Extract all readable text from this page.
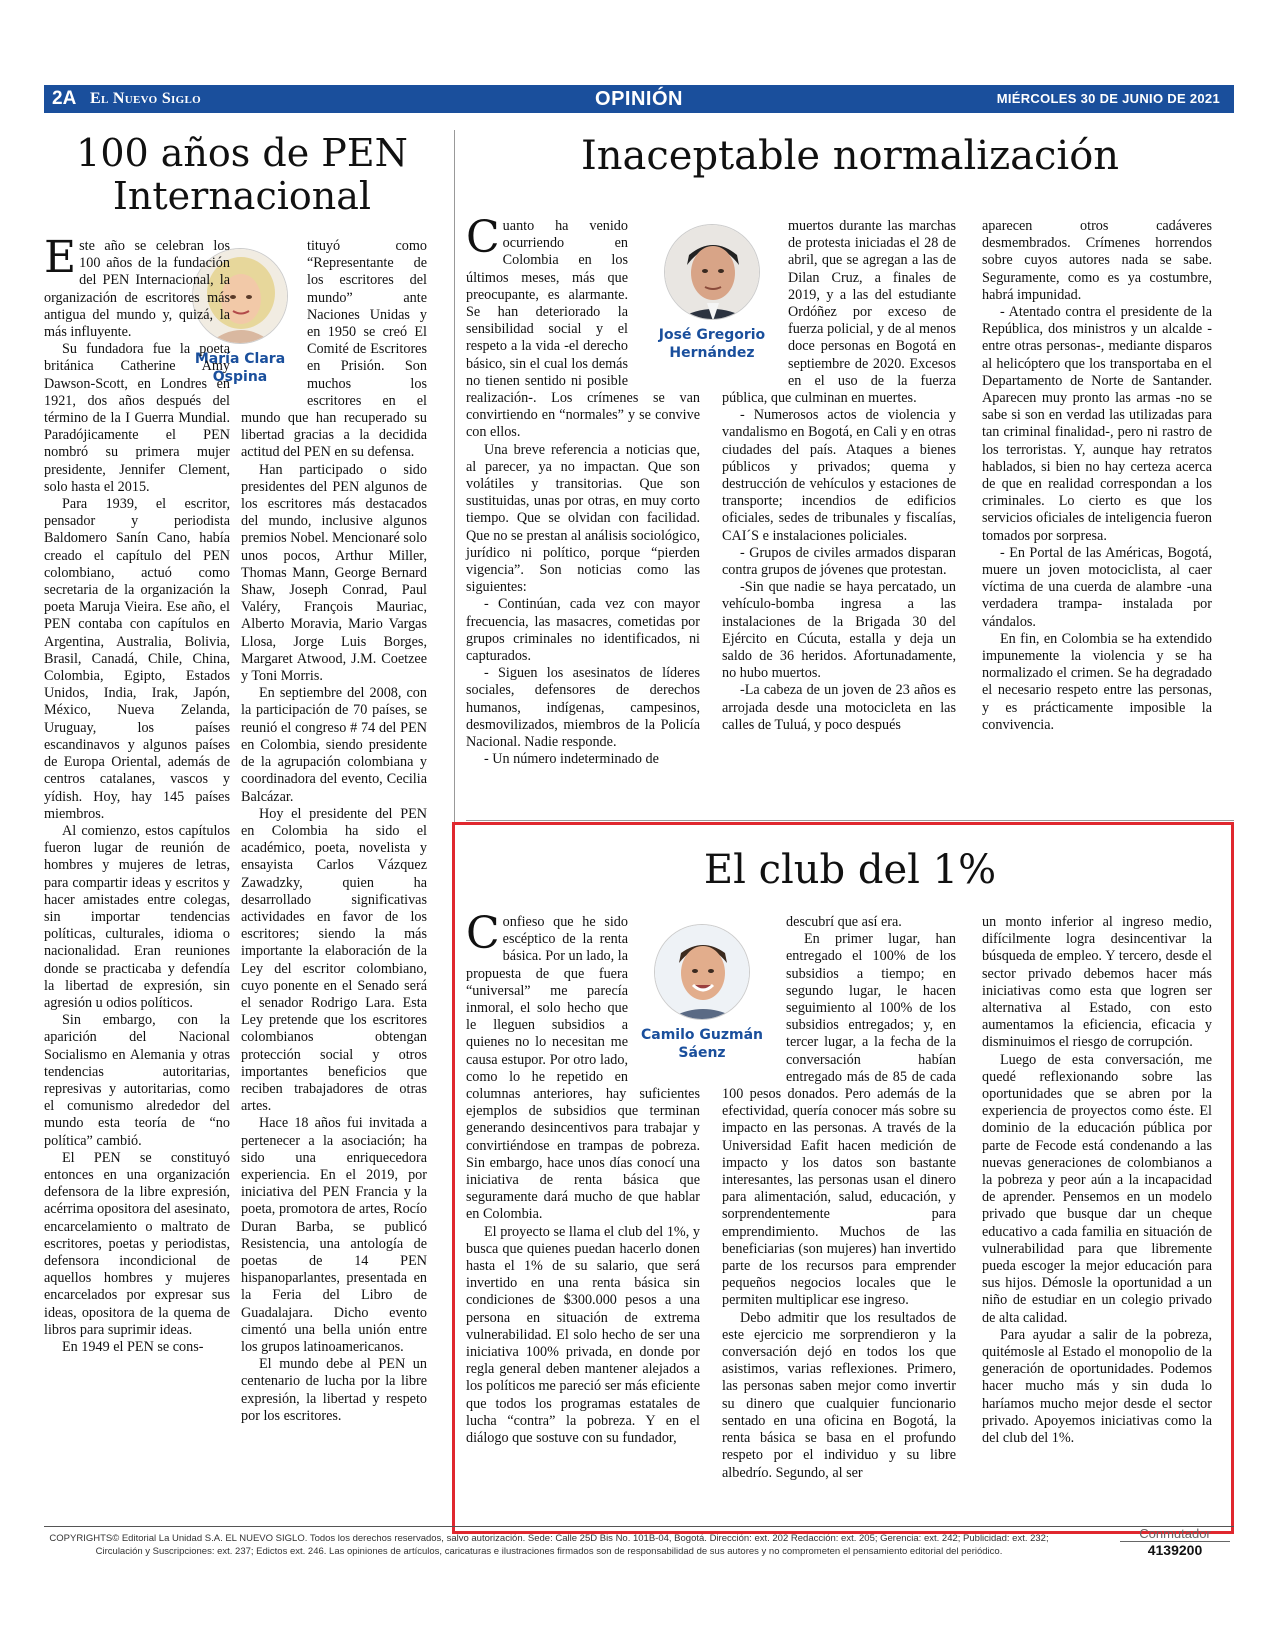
2A El Nuevo Siglo	OPINIÓN	MIÉRCOLES 30 DE JUNIO DE 2021
100 años de PEN Internacional
María Clara Ospina

Este año se celebran los 100 años de la fundación del PEN Internacional, la organización de escritores más antigua del mundo y, quizá, la más influyente.

Su fundadora fue la poeta británica Catherine Amy Dawson-Scott, en Londres en 1921, dos años después del término de la I Guerra Mundial. Paradójicamente el PEN nombró su primera mujer presidente, Jennifer Clement, solo hasta el 2015.

Para 1939, el escritor, pensador y periodista Baldomero Sanín Cano, había creado el capítulo del PEN colombiano, actuó como secretaria de la organización la poeta Maruja Vieira. Ese año, el PEN contaba con capítulos en Argentina, Australia, Bolivia, Brasil, Canadá, Chile, China, Colombia, Egipto, Estados Unidos, India, Irak, Japón, México, Nueva Zelanda, Uruguay, los países escandinavos y algunos países de Europa Oriental, además de centros catalanes, vascos y yídish. Hoy, hay 145 países miembros.

Al comienzo, estos capítulos fueron lugar de reunión de hombres y mujeres de letras, para compartir ideas y escritos y hacer amistades entre colegas, sin importar tendencias políticas, culturales, idioma o nacionalidad. Eran reuniones donde se practicaba y defendía la libertad de expresión, sin agresión u odios políticos.

Sin embargo, con la aparición del Nacional Socialismo en Alemania y otras tendencias autoritarias, represivas y autoritarias, como el comunismo alrededor del mundo esta teoría de “no política” cambió.

El PEN se constituyó entonces en una organización defensora de la libre expresión, acérrima opositora del asesinato, encarcelamiento o maltrato de escritores, poetas y periodistas, defensora incondicional de aquellos hombres y mujeres encarcelados por expresar sus ideas, opositora de la quema de libros para suprimir ideas.

En 1949 el PEN se cons-

tituyó como “Representante de los escritores del mundo” ante Naciones Unidas y en 1950 se creó El Comité de Escritores en Prisión. Son muchos los escritores en el mundo que han recuperado su libertad gracias a la decidida actitud del PEN en su defensa.

Han participado o sido presidentes del PEN algunos de los escritores más destacados del mundo, inclusive algunos premios Nobel. Mencionaré solo unos pocos, Arthur Miller, Thomas Mann, George Bernard Shaw, Joseph Conrad, Paul Valéry, François Mauriac, Alberto Moravia, Mario Vargas Llosa, Jorge Luis Borges, Margaret Atwood, J.M. Coetzee y Toni Morris.

En septiembre del 2008, con la participación de 70 países, se reunió el congreso # 74 del PEN en Colombia, siendo presidente de la agrupación colombiana y coordinadora del evento, Cecilia Balcázar.

Hoy el presidente del PEN en Colombia ha sido el académico, poeta, novelista y ensayista Carlos Vázquez Zawadzky, quien ha desarrollado significativas actividades en favor de los escritores; siendo la más importante la elaboración de la Ley del escritor colombiano, cuyo ponente en el Senado será el senador Rodrigo Lara. Esta Ley pretende que los escritores colombianos obtengan protección social y otros importantes beneficios que reciben trabajadores de otras artes.

Hace 18 años fui invitada a pertenecer a la asociación; ha sido una enriquecedora experiencia. En el 2019, por iniciativa del PEN Francia y la poeta, promotora de artes, Rocío Duran Barba, se publicó Resistencia, una antología de poetas de 14 PEN hispanoparlantes, presentada en la Feria del Libro de Guadalajara. Dicho evento cimentó una bella unión entre los grupos latinoamericanos.

El mundo debe al PEN un centenario de lucha por la libre expresión, la libertad y respeto por los escritores.

Inaceptable normalización
José Gregorio Hernández

Cuanto ha venido ocurriendo en Colombia en los últimos meses, más que preocupante, es alarmante. Se han deteriorado la sensibilidad social y el respeto a la vida -el derecho básico, sin el cual los demás no tienen sentido ni posible realización-. Los crímenes se van convirtiendo en “normales” y se convive con ellos.

Una breve referencia a noticias que, al parecer, ya no impactan. Que son volátiles y transitorias. Que son sustituidas, unas por otras, en muy corto tiempo. Que se olvidan con facilidad. Que no se prestan al análisis sociológico, jurídico ni político, porque “pierden vigencia”. Son noticias como las siguientes:

- Continúan, cada vez con mayor frecuencia, las masacres, cometidas por grupos criminales no identificados, ni capturados.

- Siguen los asesinatos de líderes sociales, defensores de derechos humanos, indígenas, campesinos, desmovilizados, miembros de la Policía Nacional. Nadie responde.

- Un número indeterminado de

muertos durante las marchas de protesta iniciadas el 28 de abril, que se agregan a las de Dilan Cruz, a finales de 2019, y a las del estudiante Ordóñez por exceso de fuerza policial, y de al menos doce personas en Bogotá en septiembre de 2020. Excesos en el uso de la fuerza pública, que culminan en muertes.

- Numerosos actos de violencia y vandalismo en Bogotá, en Cali y en otras ciudades del país. Ataques a bienes públicos y privados; quema y destrucción de vehículos y estaciones de transporte; incendios de edificios oficiales, sedes de tribunales y fiscalías, CAI´S e instalaciones policiales.

- Grupos de civiles armados disparan contra grupos de jóvenes que protestan.

-Sin que nadie se haya percatado, un vehículo-bomba ingresa a las instalaciones de la Brigada 30 del Ejército en Cúcuta, estalla y deja un saldo de 36 heridos. Afortunadamente, no hubo muertos.

-La cabeza de un joven de 23 años es arrojada desde una motocicleta en las calles de Tuluá, y poco después

aparecen otros cadáveres desmembrados. Crímenes horrendos sobre cuyos autores nada se sabe. Seguramente, como es ya costumbre, habrá impunidad.

- Atentado contra el presidente de la República, dos ministros y un alcalde -entre otras personas-, mediante disparos al helicóptero que los transportaba en el Departamento de Norte de Santander. Aparecen muy pronto las armas -no se sabe si son en verdad las utilizadas para tan criminal finalidad-, pero ni rastro de los terroristas. Y, aunque hay retratos hablados, si bien no hay certeza acerca de que en realidad correspondan a los criminales. Lo cierto es que los servicios oficiales de inteligencia fueron tomados por sorpresa.

- En Portal de las Américas, Bogotá, muere un joven motociclista, al caer víctima de una cuerda de alambre -una verdadera trampa- instalada por vándalos.

En fin, en Colombia se ha extendido impunemente la violencia y se ha normalizado el crimen. Se ha degradado el necesario respeto entre las personas, y es prácticamente imposible la convivencia.

El club del 1%
Camilo Guzmán Sáenz

Confieso que he sido escéptico de la renta básica. Por un lado, la propuesta de que fuera “universal” me parecía inmoral, el solo hecho que le lleguen subsidios a quienes no lo necesitan me causa estupor. Por otro lado, como lo he repetido en columnas anteriores, hay suficientes ejemplos de subsidios que terminan generando desincentivos para trabajar y convirtiéndose en trampas de pobreza. Sin embargo, hace unos días conocí una iniciativa de renta básica que seguramente dará mucho de que hablar en Colombia.

El proyecto se llama el club del 1%, y busca que quienes puedan hacerlo donen hasta el 1% de su salario, que será invertido en una renta básica sin condiciones de $300.000 pesos a una persona en situación de extrema vulnerabilidad. El solo hecho de ser una iniciativa 100% privada, en donde por regla general deben mantener alejados a los políticos me pareció ser más eficiente que todos los programas estatales de lucha “contra” la pobreza. Y en el diálogo que sostuve con su fundador,

descubrí que así era.

En primer lugar, han entregado el 100% de los subsidios a tiempo; en segundo lugar, le hacen seguimiento al 100% de los subsidios entregados; y, en tercer lugar, a la fecha de la conversación habían entregado más de 85 de cada 100 pesos donados. Pero además de la efectividad, quería conocer más sobre su impacto en las personas. A través de la Universidad Eafit hacen medición de impacto y los datos son bastante interesantes, las personas usan el dinero para alimentación, salud, educación, y sorprendentemente para emprendimiento. Muchos de las beneficiarias (son mujeres) han invertido parte de los recursos para emprender pequeños negocios locales que le permiten multiplicar ese ingreso.

Debo admitir que los resultados de este ejercicio me sorprendieron y la conversación dejó en todos los que asistimos, varias reflexiones. Primero, las personas saben mejor como invertir su dinero que cualquier funcionario sentado en una oficina en Bogotá, la renta básica se basa en el profundo respeto por el individuo y su libre albedrío. Segundo, al ser

un monto inferior al ingreso medio, difícilmente logra desincentivar la búsqueda de empleo. Y tercero, desde el sector privado debemos hacer más iniciativas como esta que logren ser alternativa al Estado, con esto aumentamos la eficiencia, eficacia y disminuimos el riesgo de corrupción.

Luego de esta conversación, me quedé reflexionando sobre las oportunidades que se abren por la experiencia de proyectos como éste. El dominio de la educación pública por parte de Fecode está condenando a las nuevas generaciones de colombianos a la pobreza y peor aún a la incapacidad de aprender. Pensemos en un modelo privado que busque dar un cheque educativo a cada familia en situación de vulnerabilidad para que libremente pueda escoger la mejor educación para sus hijos. Démosle la oportunidad a un niño de estudiar en un colegio privado de alta calidad.

Para ayudar a salir de la pobreza, quitémosle al Estado el monopolio de la generación de oportunidades. Podemos hacer mucho más y sin duda lo haríamos mucho mejor desde el sector privado. Apoyemos iniciativas como la del club del 1%.

COPYRIGHTS© Editorial La Unidad S.A. EL NUEVO SIGLO. Todos los derechos reservados, salvo autorización. Sede: Calle 25D Bis No. 101B-04, Bogotá. Dirección: ext. 202 Redacción: ext. 205; Gerencia: ext. 242; Publicidad: ext. 232; Circulación y Suscripciones: ext. 237; Edictos ext. 246. Las opiniones de artículos, caricaturas e ilustraciones firmados son de responsabilidad de sus autores y no comprometen el pensamiento editorial del periódico.
Conmutador
4139200
